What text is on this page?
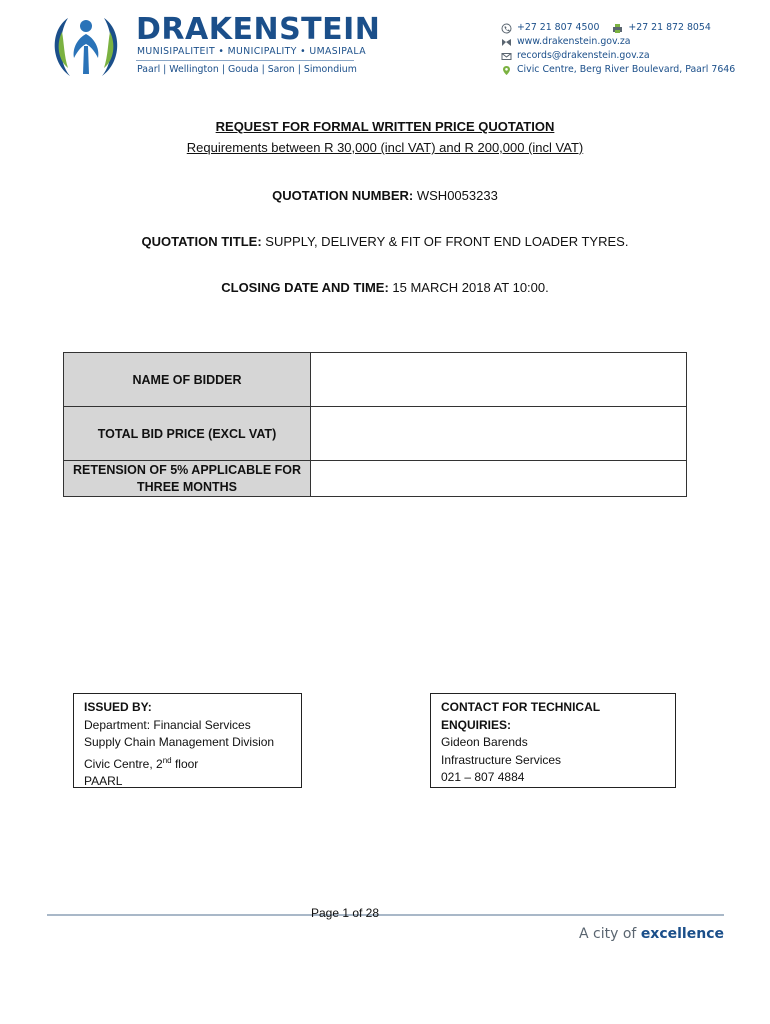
DRAKENSTEIN
MUNISIPALITEIT • MUNICIPALITY • UMASIPALA
Paarl | Wellington | Gouda | Saron | Simondium
+27 21 807 4500	+27 21 872 8054
www.drakenstein.gov.za
records@drakenstein.gov.za
Civic Centre, Berg River Boulevard, Paarl 7646
REQUEST FOR FORMAL WRITTEN PRICE QUOTATION
Requirements between R 30,000 (incl VAT) and R 200,000 (incl VAT)
QUOTATION NUMBER: WSH0053233
QUOTATION TITLE: SUPPLY, DELIVERY & FIT OF FRONT END LOADER TYRES.
CLOSING DATE AND TIME: 15 MARCH 2018 AT 10:00.
NAME OF BIDDER	
TOTAL BID PRICE (EXCL VAT)	
RETENSION OF 5% APPLICABLE FOR THREE MONTHS	
ISSUED BY:
Department: Financial Services
Supply Chain Management Division
Civic Centre, 2nd floor
PAARL
CONTACT FOR TECHNICAL ENQUIRIES:
Gideon Barends
Infrastructure Services
021 – 807 4884
Page 1 of 28
A city of excellence
